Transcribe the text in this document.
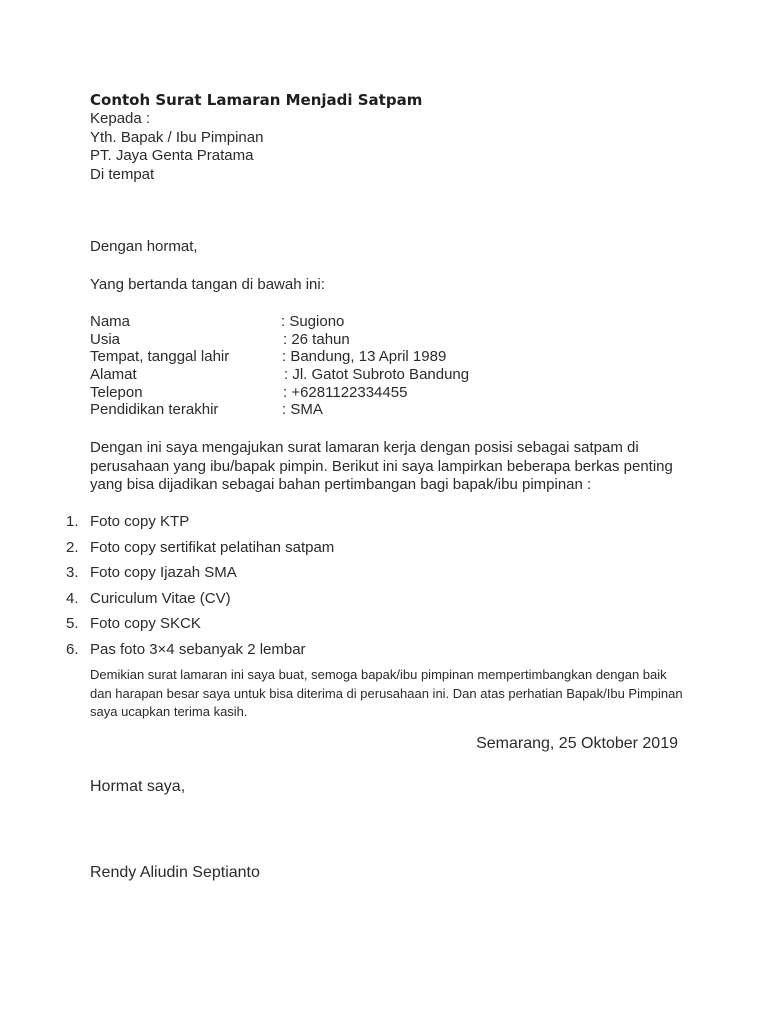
Contoh Surat Lamaran Menjadi Satpam
Kepada :
Yth. Bapak / Ibu Pimpinan
PT. Jaya Genta Pratama
Di tempat
Dengan hormat,
Yang bertanda tangan di bawah ini:
Nama	: Sugiono
Usia	: 26 tahun
Tempat, tanggal lahir	: Bandung, 13 April 1989
Alamat	: Jl. Gatot Subroto Bandung
Telepon	: +6281122334455
Pendidikan terakhir	: SMA
Dengan ini saya mengajukan surat lamaran kerja dengan posisi sebagai satpam di perusahaan yang ibu/bapak pimpin. Berikut ini saya lampirkan beberapa berkas penting yang bisa dijadikan sebagai bahan pertimbangan bagi bapak/ibu pimpinan :
1. Foto copy KTP
2. Foto copy sertifikat pelatihan satpam
3. Foto copy Ijazah SMA
4. Curiculum Vitae (CV)
5. Foto copy SKCK
6. Pas foto 3×4 sebanyak 2 lembar
Demikian surat lamaran ini saya buat, semoga bapak/ibu pimpinan mempertimbangkan dengan baik dan harapan besar saya untuk bisa diterima di perusahaan ini. Dan atas perhatian Bapak/Ibu Pimpinan saya ucapkan terima kasih.
Semarang, 25 Oktober 2019
Hormat saya,
Rendy Aliudin Septianto
